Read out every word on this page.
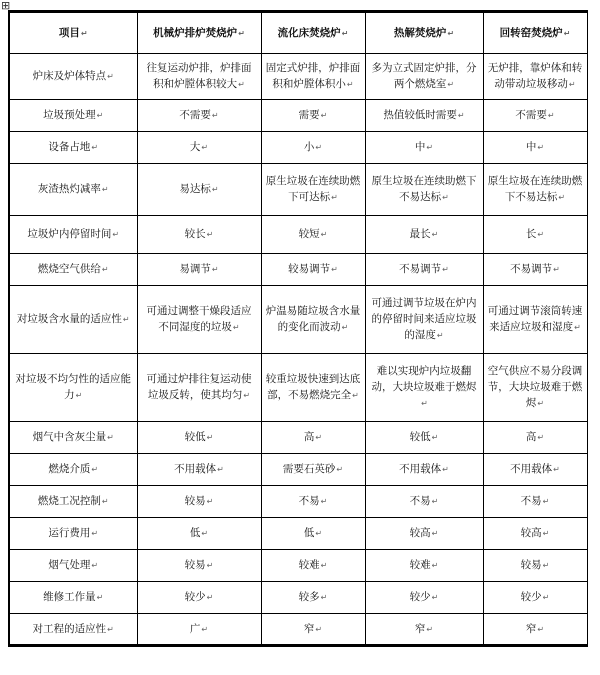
⊞
项目↵	机械炉排炉焚烧炉↵	流化床焚烧炉↵	热解焚烧炉↵	回转窑焚烧炉↵
炉床及炉体特点↵	往复运动炉排，炉排面积和炉膛体积较大↵	固定式炉排，炉排面积和炉膛体积小↵	多为立式固定炉排，分两个燃烧室↵	无炉排，靠炉体和转动带动垃圾移动↵
垃圾预处理↵	不需要↵	需要↵	热值较低时需要↵	不需要↵
设备占地↵	大↵	小↵	中↵	中↵
灰渣热灼减率↵	易达标↵	原生垃圾在连续助燃下可达标↵	原生垃圾在连续助燃下不易达标↵	原生垃圾在连续助燃下不易达标↵
垃圾炉内停留时间↵	较长↵	较短↵	最长↵	长↵
燃烧空气供给↵	易调节↵	较易调节↵	不易调节↵	不易调节↵
对垃圾含水量的适应性↵	可通过调整干燥段适应不同湿度的垃圾↵	炉温易随垃圾含水量的变化而波动↵	可通过调节垃圾在炉内的停留时间来适应垃圾的湿度↵	可通过调节滚筒转速来适应垃圾和湿度↵
对垃圾不均匀性的适应能力↵	可通过炉排往复运动使垃圾反转，使其均匀↵	较重垃圾快速到达底部，不易燃烧完全↵	难以实现炉内垃圾翻动，大块垃圾难于燃烬↵	空气供应不易分段调节，大块垃圾难于燃烬↵
烟气中含灰尘量↵	较低↵	高↵	较低↵	高↵
燃烧介质↵	不用载体↵	需要石英砂↵	不用载体↵	不用载体↵
燃烧工况控制↵	较易↵	不易↵	不易↵	不易↵
运行费用↵	低↵	低↵	较高↵	较高↵
烟气处理↵	较易↵	较难↵	较难↵	较易↵
维修工作量↵	较少↵	较多↵	较少↵	较少↵
对工程的适应性↵	广↵	窄↵	窄↵	窄↵
